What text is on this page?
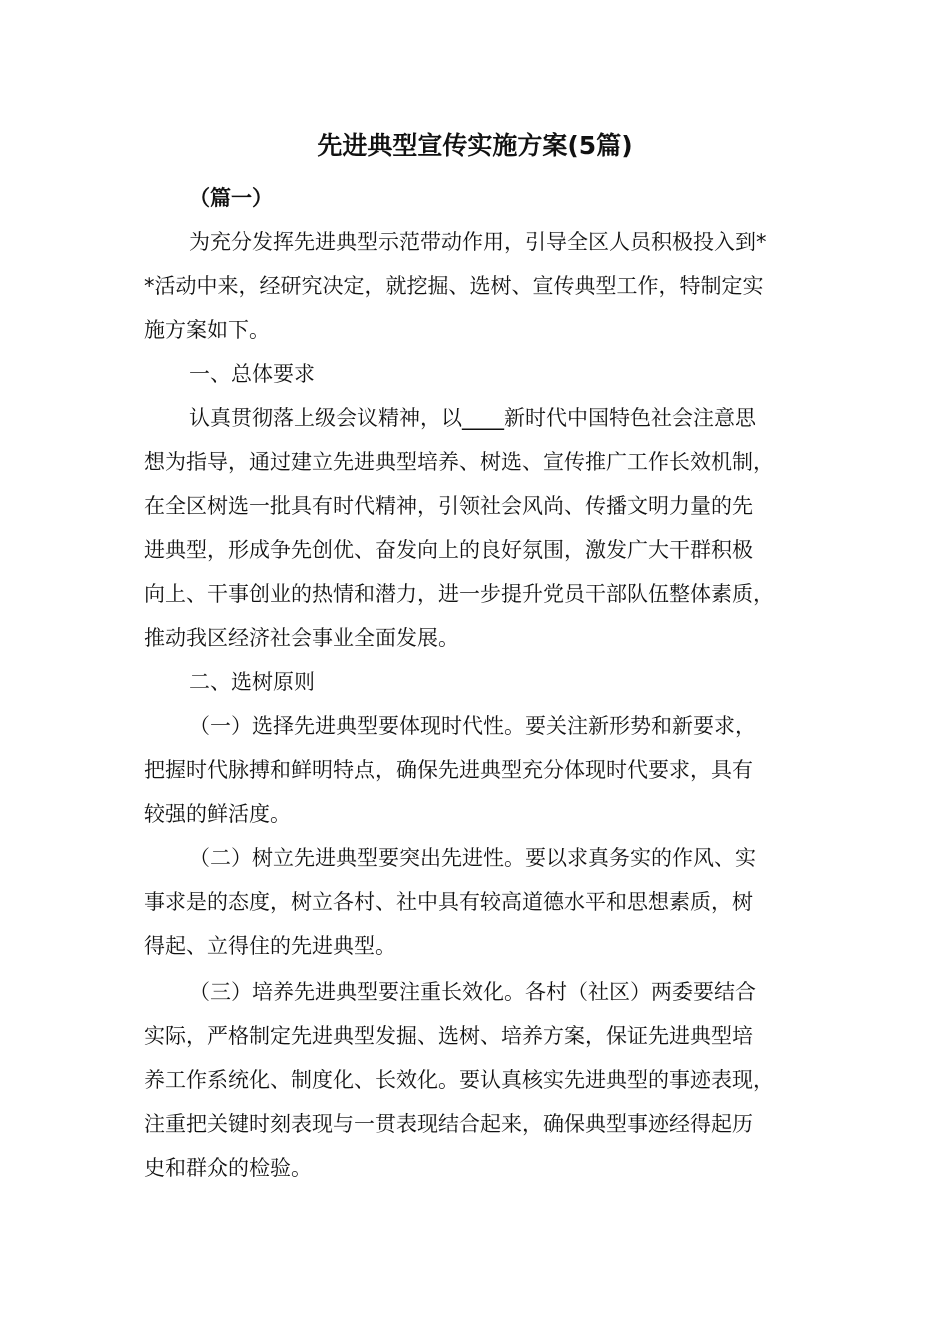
先进典型宣传实施方案(5篇)
（篇一）
为充分发挥先进典型示范带动作用，引导全区人员积极投入到*
*活动中来，经研究决定，就挖掘、选树、宣传典型工作，特制定实
施方案如下。
一、总体要求
认真贯彻落上级会议精神，以____新时代中国特色社会注意思
想为指导，通过建立先进典型培养、树选、宣传推广工作长效机制，
在全区树选一批具有时代精神，引领社会风尚、传播文明力量的先
进典型，形成争先创优、奋发向上的良好氛围，激发广大干群积极
向上、干事创业的热情和潜力，进一步提升党员干部队伍整体素质，
推动我区经济社会事业全面发展。
二、选树原则
（一）选择先进典型要体现时代性。要关注新形势和新要求，
把握时代脉搏和鲜明特点，确保先进典型充分体现时代要求，具有
较强的鲜活度。
（二）树立先进典型要突出先进性。要以求真务实的作风、实
事求是的态度，树立各村、社中具有较高道德水平和思想素质，树
得起、立得住的先进典型。
（三）培养先进典型要注重长效化。各村（社区）两委要结合
实际，严格制定先进典型发掘、选树、培养方案，保证先进典型培
养工作系统化、制度化、长效化。要认真核实先进典型的事迹表现，
注重把关键时刻表现与一贯表现结合起来，确保典型事迹经得起历
史和群众的检验。
